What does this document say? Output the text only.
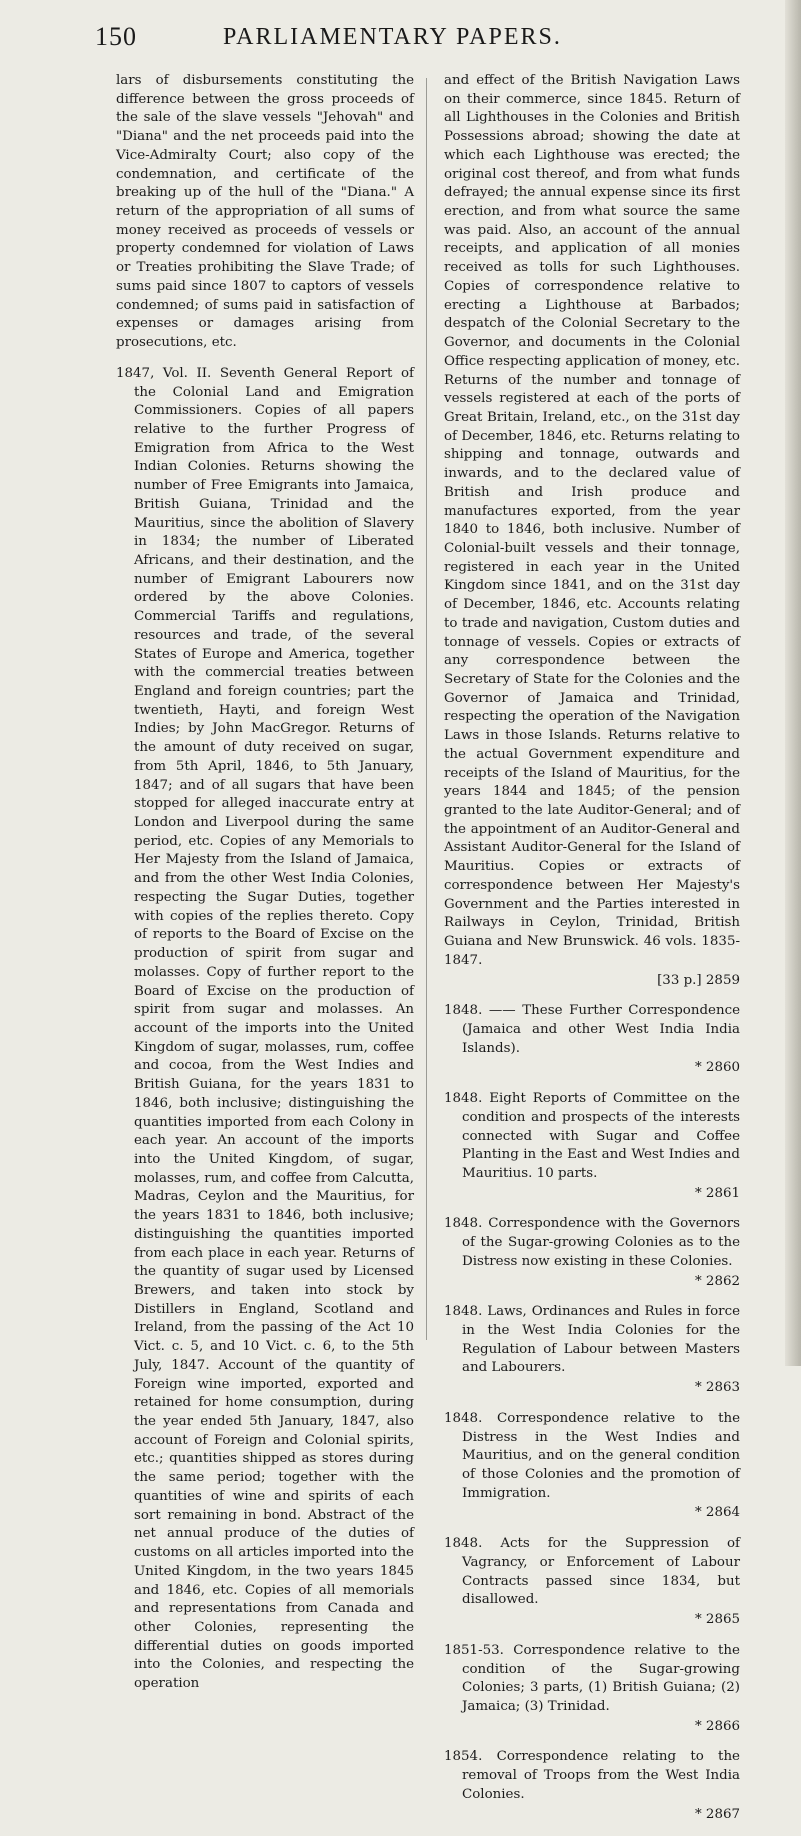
150	PARLIAMENTARY PAPERS.

lars of disbursements constituting the difference between the gross proceeds of the sale of the slave vessels "Jehovah" and "Diana" and the net proceeds paid into the Vice-Admiralty Court; also copy of the condemnation, and certificate of the breaking up of the hull of the "Diana." A return of the appropriation of all sums of money received as proceeds of vessels or property condemned for violation of Laws or Treaties prohibiting the Slave Trade; of sums paid since 1807 to captors of vessels condemned; of sums paid in satisfaction of expenses or damages arising from prosecutions, etc.

1847, Vol. II. Seventh General Report of the Colonial Land and Emigration Commissioners. Copies of all papers relative to the further Progress of Emigration from Africa to the West Indian Colonies. Returns showing the number of Free Emigrants into Jamaica, British Guiana, Trinidad and the Mauritius, since the abolition of Slavery in 1834; the number of Liberated Africans, and their destination, and the number of Emigrant Labourers now ordered by the above Colonies. Commercial Tariffs and regulations, resources and trade, of the several States of Europe and America, together with the commercial treaties between England and foreign countries; part the twentieth, Hayti, and foreign West Indies; by John MacGregor. Returns of the amount of duty received on sugar, from 5th April, 1846, to 5th January, 1847; and of all sugars that have been stopped for alleged inaccurate entry at London and Liverpool during the same period, etc. Copies of any Memorials to Her Majesty from the Island of Jamaica, and from the other West India Colonies, respecting the Sugar Duties, together with copies of the replies thereto. Copy of reports to the Board of Excise on the production of spirit from sugar and molasses. Copy of further report to the Board of Excise on the production of spirit from sugar and molasses. An account of the imports into the United Kingdom of sugar, molasses, rum, coffee and cocoa, from the West Indies and British Guiana, for the years 1831 to 1846, both inclusive; distinguishing the quantities imported from each Colony in each year. An account of the imports into the United Kingdom, of sugar, molasses, rum, and coffee from Calcutta, Madras, Ceylon and the Mauritius, for the years 1831 to 1846, both inclusive; distinguishing the quantities imported from each place in each year. Returns of the quantity of sugar used by Licensed Brewers, and taken into stock by Distillers in England, Scotland and Ireland, from the passing of the Act 10 Vict. c. 5, and 10 Vict. c. 6, to the 5th July, 1847. Account of the quantity of Foreign wine imported, exported and retained for home consumption, during the year ended 5th January, 1847, also account of Foreign and Colonial spirits, etc.; quantities shipped as stores during the same period; together with the quantities of wine and spirits of each sort remaining in bond. Abstract of the net annual produce of the duties of customs on all articles imported into the United Kingdom, in the two years 1845 and 1846, etc. Copies of all memorials and representations from Canada and other Colonies, representing the differential duties on goods imported into the Colonies, and respecting the operation

and effect of the British Navigation Laws on their commerce, since 1845. Return of all Lighthouses in the Colonies and British Possessions abroad; showing the date at which each Lighthouse was erected; the original cost thereof, and from what funds defrayed; the annual expense since its first erection, and from what source the same was paid. Also, an account of the annual receipts, and application of all monies received as tolls for such Lighthouses. Copies of correspondence relative to erecting a Lighthouse at Barbados; despatch of the Colonial Secretary to the Governor, and documents in the Colonial Office respecting application of money, etc. Returns of the number and tonnage of vessels registered at each of the ports of Great Britain, Ireland, etc., on the 31st day of December, 1846, etc. Returns relating to shipping and tonnage, outwards and inwards, and to the declared value of British and Irish produce and manufactures exported, from the year 1840 to 1846, both inclusive. Number of Colonial-built vessels and their tonnage, registered in each year in the United Kingdom since 1841, and on the 31st day of December, 1846, etc. Accounts relating to trade and navigation, Custom duties and tonnage of vessels. Copies or extracts of any correspondence between the Secretary of State for the Colonies and the Governor of Jamaica and Trinidad, respecting the operation of the Navigation Laws in those Islands. Returns relative to the actual Government expenditure and receipts of the Island of Mauritius, for the years 1844 and 1845; of the pension granted to the late Auditor-General; and of the appointment of an Auditor-General and Assistant Auditor-General for the Island of Mauritius. Copies or extracts of correspondence between Her Majesty's Government and the Parties interested in Railways in Ceylon, Trinidad, British Guiana and New Brunswick. 46 vols. 1835-1847.

[33 p.] 2859

1848. —— These Further Correspondence (Jamaica and other West India India Islands).

* 2860

1848. Eight Reports of Committee on the condition and prospects of the interests connected with Sugar and Coffee Planting in the East and West Indies and Mauritius. 10 parts.

* 2861

1848. Correspondence with the Governors of the Sugar-growing Colonies as to the Distress now existing in these Colonies.

* 2862

1848. Laws, Ordinances and Rules in force in the West India Colonies for the Regulation of Labour between Masters and Labourers.

* 2863

1848. Correspondence relative to the Distress in the West Indies and Mauritius, and on the general condition of those Colonies and the promotion of Immigration.

* 2864

1848. Acts for the Suppression of Vagrancy, or Enforcement of Labour Contracts passed since 1834, but disallowed.

* 2865

1851-53. Correspondence relative to the condition of the Sugar-growing Colonies; 3 parts, (1) British Guiana; (2) Jamaica; (3) Trinidad.

* 2866

1854. Correspondence relating to the removal of Troops from the West India Colonies.

* 2867
